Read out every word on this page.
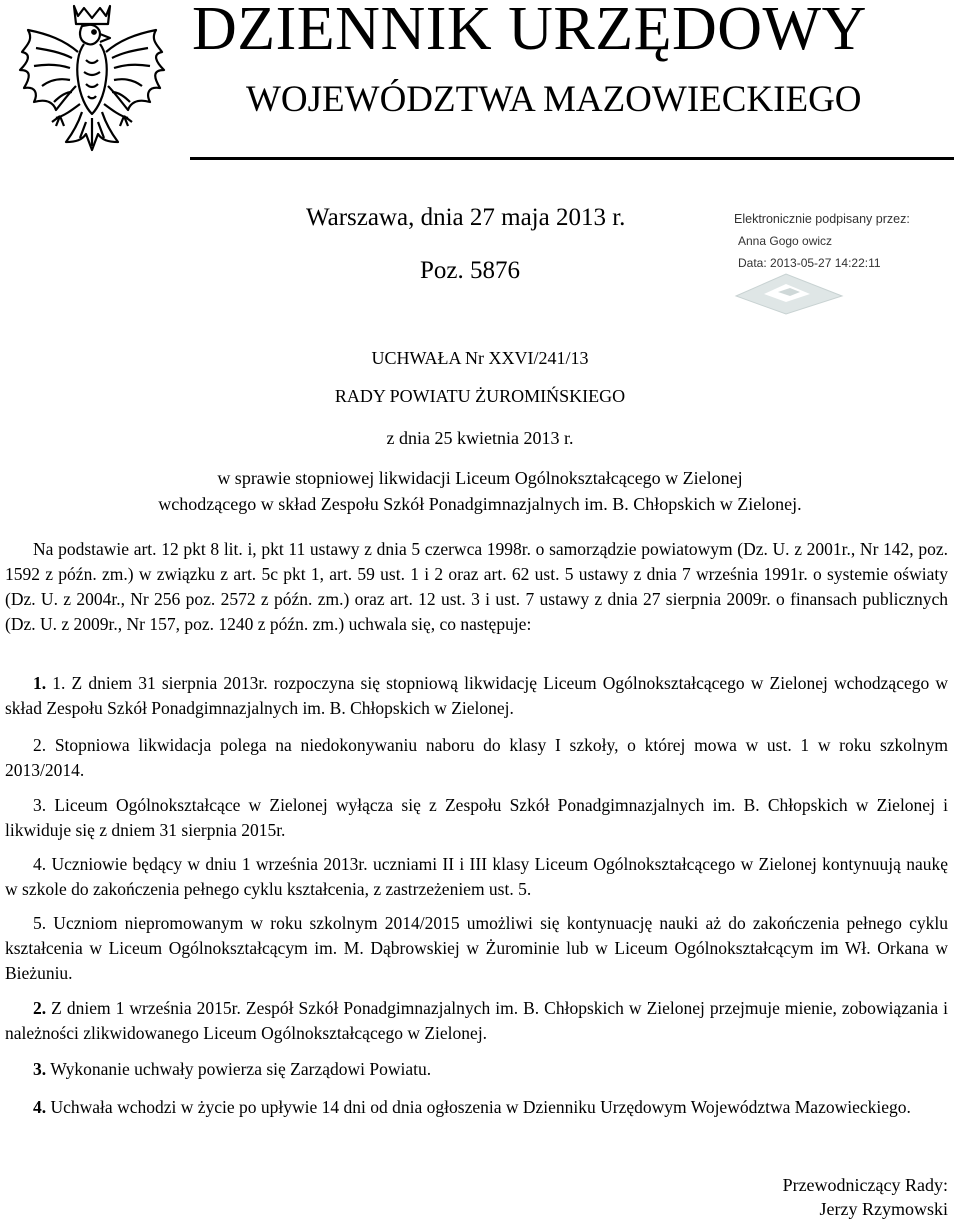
DZIENNIK URZĘDOWY
WOJEWÓDZTWA MAZOWIECKIEGO
Warszawa, dnia 27 maja 2013 r.
Poz. 5876
Elektronicznie podpisany przez:
Anna Gogo owicz
Data: 2013-05-27 14:22:11
UCHWAŁA Nr XXVI/241/13
RADY POWIATU ŻUROMIŃSKIEGO
z dnia 25 kwietnia 2013 r.
w sprawie stopniowej likwidacji Liceum Ogólnokształcącego w Zielonej
wchodzącego w skład Zespołu Szkół Ponadgimnazjalnych im. B. Chłopskich w Zielonej.

Na podstawie art. 12 pkt 8 lit. i, pkt 11 ustawy z dnia 5 czerwca 1998r. o samorządzie powiatowym (Dz. U. z 2001r., Nr 142, poz. 1592 z późn. zm.) w związku z art. 5c pkt 1, art. 59 ust. 1 i 2 oraz art. 62 ust. 5 ustawy z dnia 7 września 1991r. o systemie oświaty (Dz. U. z 2004r., Nr 256 poz. 2572 z późn. zm.) oraz art. 12 ust. 3 i ust. 7 ustawy z dnia 27 sierpnia 2009r. o finansach publicznych (Dz. U. z 2009r., Nr 157, poz. 1240 z późn. zm.) uchwala się, co następuje:

1. 1. Z dniem 31 sierpnia 2013r. rozpoczyna się stopniową likwidację Liceum Ogólnokształcącego w Zielonej wchodzącego w skład Zespołu Szkół Ponadgimnazjalnych im. B. Chłopskich w Zielonej.

2. Stopniowa likwidacja polega na niedokonywaniu naboru do klasy I szkoły, o której mowa w ust. 1 w roku szkolnym 2013/2014.

3. Liceum Ogólnokształcące w Zielonej wyłącza się z Zespołu Szkół Ponadgimnazjalnych im. B. Chłopskich w Zielonej i likwiduje się z dniem 31 sierpnia 2015r.

4. Uczniowie będący w dniu 1 września 2013r. uczniami II i III klasy Liceum Ogólnokształcącego w Zielonej kontynuują naukę w szkole do zakończenia pełnego cyklu kształcenia, z zastrzeżeniem ust. 5.

5. Uczniom niepromowanym w roku szkolnym 2014/2015 umożliwi się kontynuację nauki aż do zakończenia pełnego cyklu kształcenia w Liceum Ogólnokształcącym im. M. Dąbrowskiej w Żurominie lub w Liceum Ogólnokształcącym im Wł. Orkana w Bieżuniu.

2. Z dniem 1 września 2015r. Zespół Szkół Ponadgimnazjalnych im. B. Chłopskich w Zielonej przejmuje mienie, zobowiązania i należności zlikwidowanego Liceum Ogólnokształcącego w Zielonej.

3. Wykonanie uchwały powierza się Zarządowi Powiatu.

4. Uchwała wchodzi w życie po upływie 14 dni od dnia ogłoszenia w Dzienniku Urzędowym Województwa Mazowieckiego.

Przewodniczący Rady:
Jerzy Rzymowski
